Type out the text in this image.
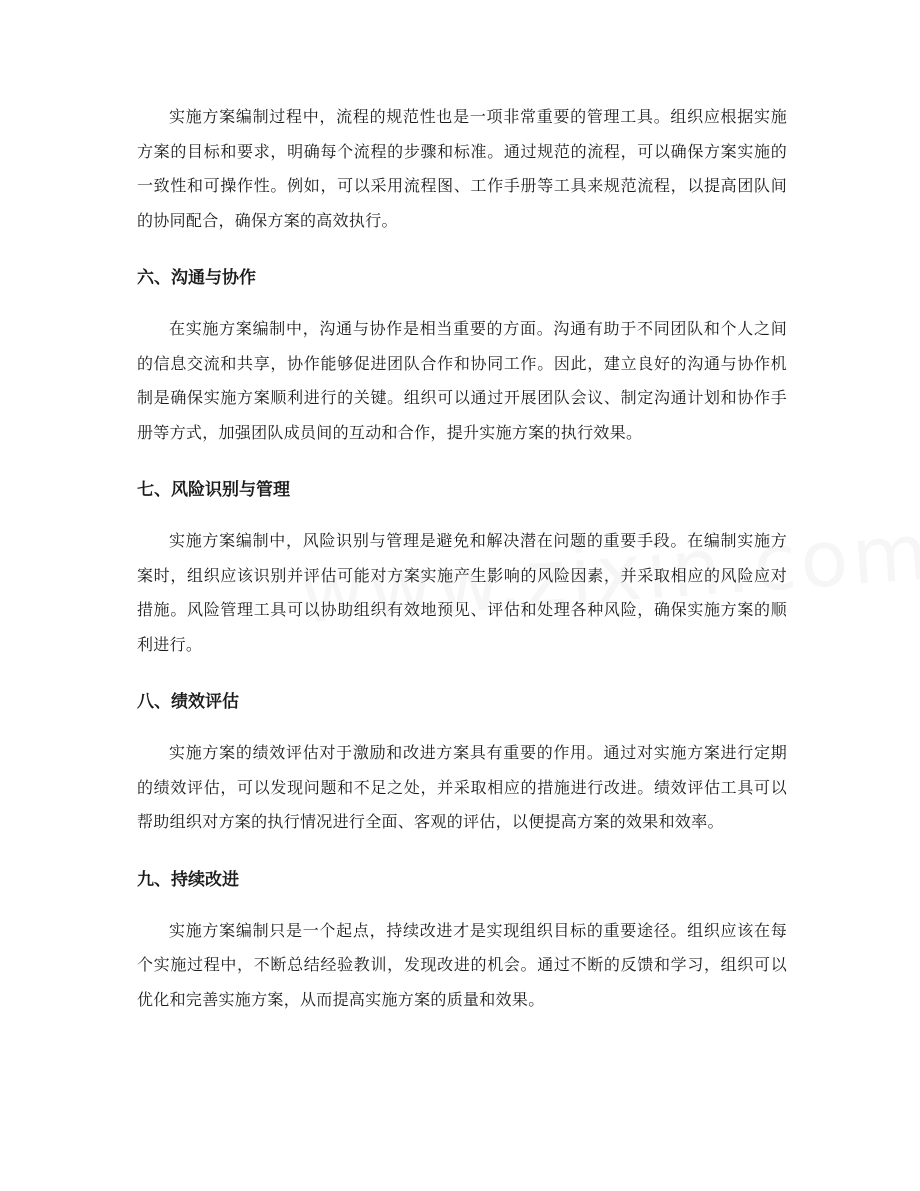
实施方案编制过程中，流程的规范性也是一项非常重要的管理工具。组织应根据实施方案的目标和要求，明确每个流程的步骤和标准。通过规范的流程，可以确保方案实施的一致性和可操作性。例如，可以采用流程图、工作手册等工具来规范流程，以提高团队间的协同配合，确保方案的高效执行。

六、沟通与协作

在实施方案编制中，沟通与协作是相当重要的方面。沟通有助于不同团队和个人之间的信息交流和共享，协作能够促进团队合作和协同工作。因此，建立良好的沟通与协作机制是确保实施方案顺利进行的关键。组织可以通过开展团队会议、制定沟通计划和协作手册等方式，加强团队成员间的互动和合作，提升实施方案的执行效果。

七、风险识别与管理

实施方案编制中，风险识别与管理是避免和解决潜在问题的重要手段。在编制实施方案时，组织应该识别并评估可能对方案实施产生影响的风险因素，并采取相应的风险应对措施。风险管理工具可以协助组织有效地预见、评估和处理各种风险，确保实施方案的顺利进行。

八、绩效评估

实施方案的绩效评估对于激励和改进方案具有重要的作用。通过对实施方案进行定期的绩效评估，可以发现问题和不足之处，并采取相应的措施进行改进。绩效评估工具可以帮助组织对方案的执行情况进行全面、客观的评估，以便提高方案的效果和效率。

九、持续改进

实施方案编制只是一个起点，持续改进才是实现组织目标的重要途径。组织应该在每个实施过程中，不断总结经验教训，发现改进的机会。通过不断的反馈和学习，组织可以优化和完善实施方案，从而提高实施方案的质量和效果。
